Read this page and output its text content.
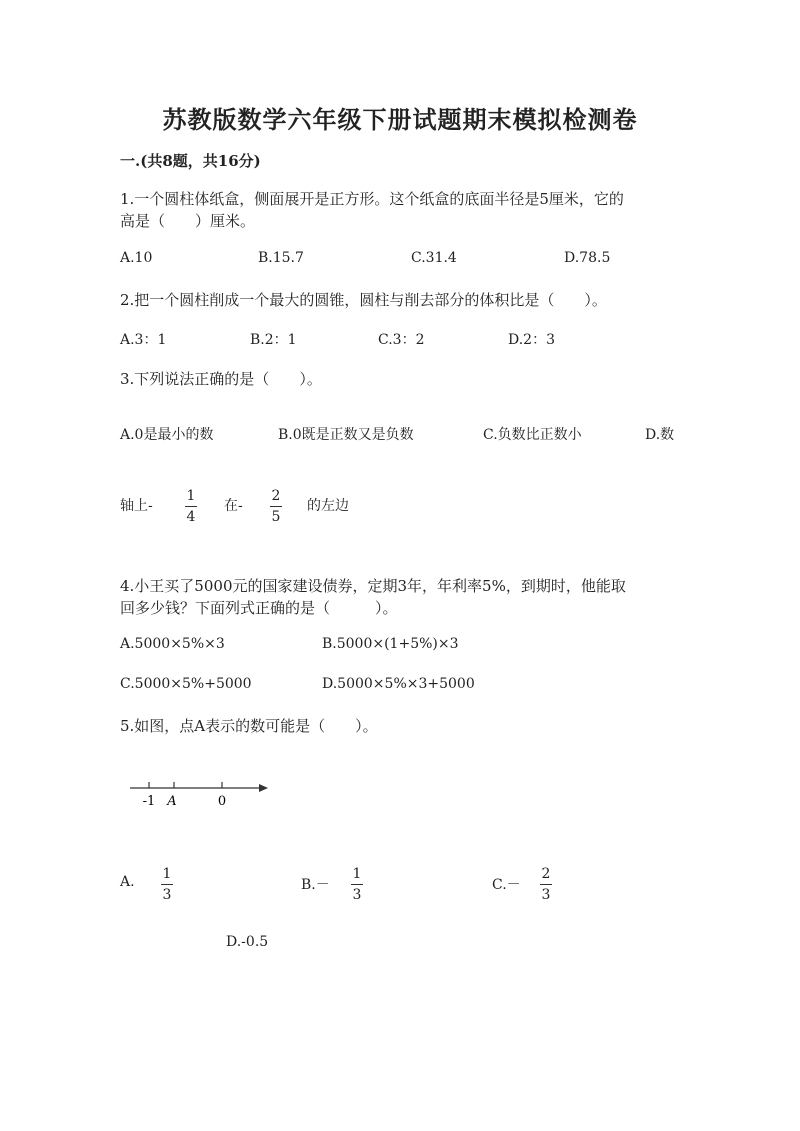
苏教版数学六年级下册试题期末模拟检测卷
一.(共8题，共16分)
1.一个圆柱体纸盒，侧面展开是正方形。这个纸盒的底面半径是5厘米，它的
高是（　　）厘米。
A.10	B.15.7	C.31.4	D.78.5
2.把一个圆柱削成一个最大的圆锥，圆柱与削去部分的体积比是（　　）。
A.3：1	B.2：1	C.3：2	D.2：3
3.下列说法正确的是（　　）。
A.0是最小的数	B.0既是正数又是负数	C.负数比正数小	D.数
轴上-
1
4
在-
2
5
的左边
4.小王买了5000元的国家建设债券，定期3年，年利率5%，到期时，他能取
回多少钱？下面列式正确的是（　　　）。
A.5000×5%×3	B.5000×(1+5%)×3
C.5000×5%+5000	D.5000×5%×3+5000
5.如图，点A表示的数可能是（　　）。
-1 A	0
A. 1
3
B.－
1
3
C.－
2
3
D.-0.5
